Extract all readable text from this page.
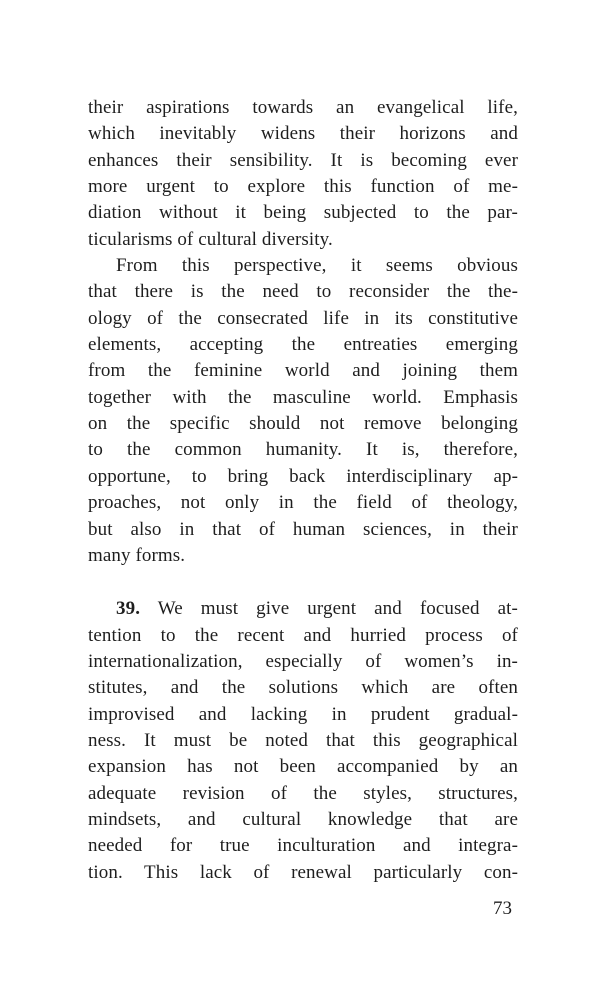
their aspirations towards an evangelical life,
which inevitably widens their horizons and
enhances their sensibility. It is becoming ever
more urgent to explore this function of me-
diation without it being subjected to the par-
ticularisms of cultural diversity.
From this perspective, it seems obvious
that there is the need to reconsider the the-
ology of the consecrated life in its constitutive
elements, accepting the entreaties emerging
from the feminine world and joining them
together with the masculine world. Emphasis
on the specific should not remove belonging
to the common humanity. It is, therefore,
opportune, to bring back interdisciplinary ap-
proaches, not only in the field of theology,
but also in that of human sciences, in their
many forms.
39. We must give urgent and focused at-
tention to the recent and hurried process of
internationalization, especially of women’s in-
stitutes, and the solutions which are often
improvised and lacking in prudent gradual-
ness. It must be noted that this geographical
expansion has not been accompanied by an
adequate revision of the styles, structures,
mindsets, and cultural knowledge that are
needed for true inculturation and integra-
tion. This lack of renewal particularly con-
73
